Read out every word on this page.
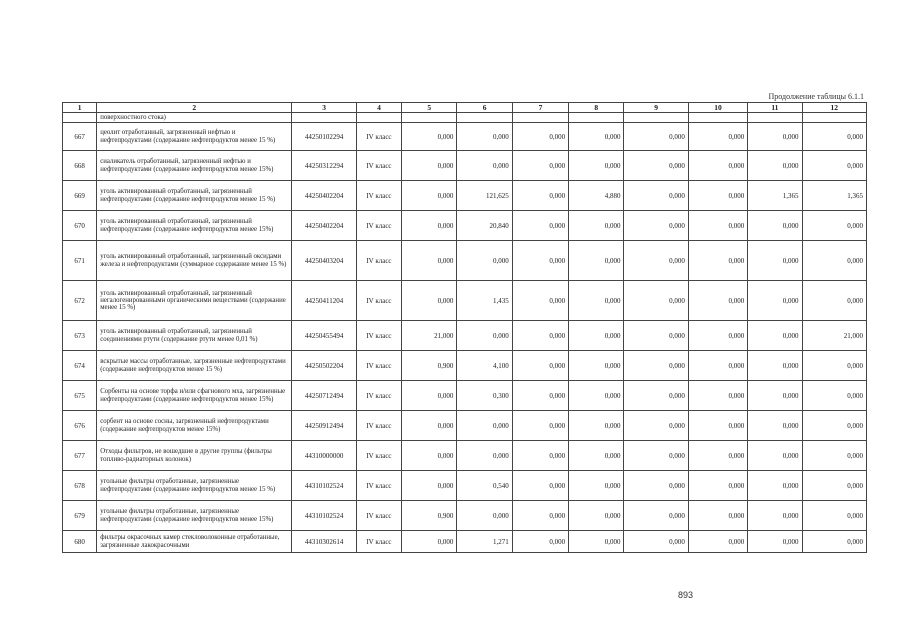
Продолжение таблицы 6.1.1
1	2	3	4	5	6	7	8	9	10	11	12
	поверхностного стока)										
667	цеолит отработанный, загрязненный нефтью и нефтепродуктами (содержание нефтепродуктов менее 15 %)	44250102294	IV класс	0,000	0,000	0,000	0,000	0,000	0,000	0,000	0,000
668	сиаликатель отработанный, загрязненный нефтью и нефтепродуктами (содержание нефтепродуктов менее 15%)	44250312294	IV класс	0,000	0,000	0,000	0,000	0,000	0,000	0,000	0,000
669	уголь активированный отработанный, загрязненный нефтепродуктами (содержание нефтепродуктов менее 15 %)	44250402204	IV класс	0,000	121,625	0,000	4,880	0,000	0,000	1,365	1,365
670	уголь активированный отработанный, загрязненный нефтепродуктами (содержание нефтепродуктов менее 15%)	44250402204	IV класс	0,000	20,840	0,000	0,000	0,000	0,000	0,000	0,000
671	уголь активированный отработанный, загрязненный оксидами железа и нефтепродуктами (суммарное содержание менее 15 %)	44250403204	IV класс	0,000	0,000	0,000	0,000	0,000	0,000	0,000	0,000
672	уголь активированный отработанный, загрязненный негалогенированными органическими веществами (содержание менее 15 %)	44250411204	IV класс	0,000	1,435	0,000	0,000	0,000	0,000	0,000	0,000
673	уголь активированный отработанный, загрязненный соединениями ртути (содержание ртути менее 0,01 %)	44250455494	IV класс	21,000	0,000	0,000	0,000	0,000	0,000	0,000	21,000
674	вскрытые массы отработанные, загрязненные нефтепродуктами (содержание нефтепродуктов менее 15 %)	44250502204	IV класс	0,900	4,100	0,000	0,000	0,000	0,000	0,000	0,000
675	Сорбенты на основе торфа и/или сфагнового мха, загрязненные нефтепродуктами (содержание нефтепродуктов менее 15%)	44250712494	IV класс	0,000	0,300	0,000	0,000	0,000	0,000	0,000	0,000
676	сорбент на основе сосны, загрязненный нефтепродуктами (содержание нефтепродуктов менее 15%)	44250912494	IV класс	0,000	0,000	0,000	0,000	0,000	0,000	0,000	0,000
677	Отходы фильтров, не вошедшие в другие группы (фильтры топливо-радиаторных колонок)	44310000000	IV класс	0,000	0,000	0,000	0,000	0,000	0,000	0,000	0,000
678	угольные фильтры отработанные, загрязненные нефтепродуктами (содержание нефтепродуктов менее 15 %)	44310102524	IV класс	0,000	0,540	0,000	0,000	0,000	0,000	0,000	0,000
679	угольные фильтры отработанные, загрязненные нефтепродуктами (содержание нефтепродуктов менее 15%)	44310102524	IV класс	0,900	0,000	0,000	0,000	0,000	0,000	0,000	0,000
680	фильтры окрасочных камер стекловолоконные отработанные, загрязненные лакокрасочными	44310302614	IV класс	0,000	1,271	0,000	0,000	0,000	0,000	0,000	0,000
893
